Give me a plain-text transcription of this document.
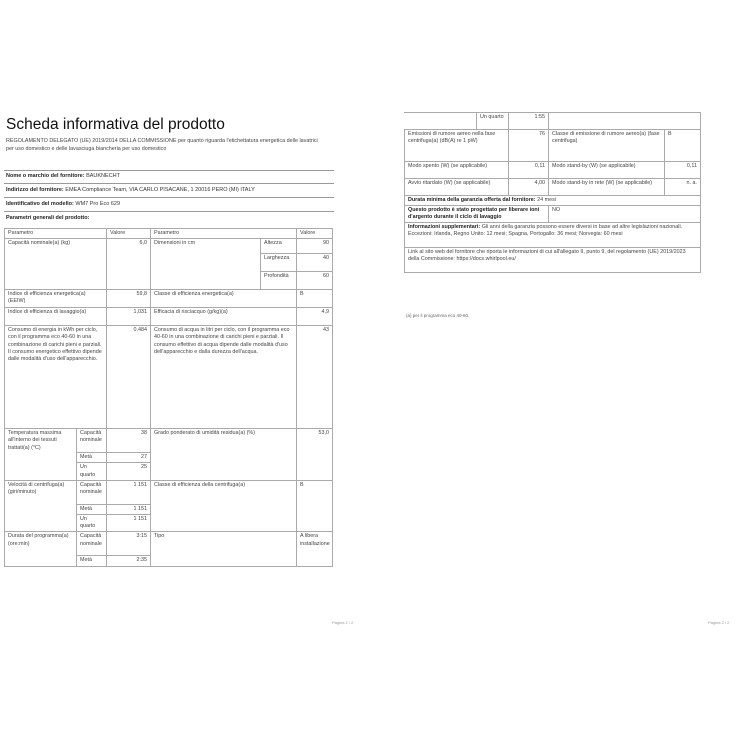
Scheda informativa del prodotto
REGOLAMENTO DELEGATO (UE) 2019/2014 DELLA COMMISSIONE per quanto riguarda l'etichettatura energetica delle lavatrici per uso domestico e delle lavasciuga biancheria per uso domestico
Nome o marchio del fornitore: BAUKNECHT
Indirizzo del fornitore: EMEA Compliance Team, VIA CARLO PISACANE, 1 20016 PERO (MI) ITALY
Identificativo del modello: WM7 Pro Eco 629
Parametri generali del prodotto:
Parametro		Valore	Parametro		Valore
Capacità nominale(a) (kg)		6,0	Dimensioni in cm	Altezza	90
				Larghezza	40
				Profondità	60
Indice di efficienza energetica(a) (EEIW)		59,8	Classe di efficienza energetica(a)		B
Indice di efficienza di lavaggio(a)		1,031	Efficacia di risciacquo (g/kg)(a)		4,9
Consumo di energia in kWh per ciclo, con il programma eco 40-60 in una combinazione di carichi pieni e parziali. Il consumo energetico effettivo dipende dalle modalità d'uso dell'apparecchio.		0,484	Consumo di acqua in litri per ciclo, con il programma eco 40-60 in una combinazione di carichi pieni e parziali. Il consumo effettivo di acqua dipende dalle modalità d'uso dell'apparecchio e dalla durezza dell'acqua.		43
Temperatura massima all'interno dei tessuti trattati(a) (°C)	Capacità nominale	38	Grado ponderato di umidità residua(a) (%)		53,0
	Metà	27			
	Un quarto	25			
Velocità di centrifuga(a) (giri/minuto)	Capacità nominale	1 151	Classe di efficienza della centrifuga(a)		B
	Metà	1 151			
	Un quarto	1 151			
Durata del programma(a) (ore:min)	Capacità nominale	3:15	Tipo		A libera installazione
	Metà	2:35			
Pagina 1 / 2
	Un quarto	1:55		
Emissioni di rumore aereo nella fase centrifuga(a) (dB(A) re 1 pW)		76	Classe di emissione di rumore aereo(a) (fase centrifuga)	B
Modo spento (W) (se applicabile)		0,11	Modo stand-by (W) (se applicabile)	0,11
Avvio ritardato (W) (se applicabile)		4,00	Modo stand-by in rete (W) (se applicabile)	n. a.
Durata minima della garanzia offerta dal fornitore: 24 mesi				
Questo prodotto è stato progettato per liberare ioni d'argento durante il ciclo di lavaggio			NO	
Informazioni supplementari: Gli anni della garanzia possono essere diversi in base ad altre legislazioni nazionali. Eccezioni: Irlanda, Regno Unito: 12 mesi; Spagna, Portogallo: 36 mesi; Norvegia: 60 mesi				
Link al sito web del fornitore che riporta le informazioni di cui all'allegato II, punto 9, del regolamento (UE) 2019/2023 della Commissione: https://docs.whirlpool.eu/				
(a) per il programma eco 40-60.
Pagina 2 / 2
